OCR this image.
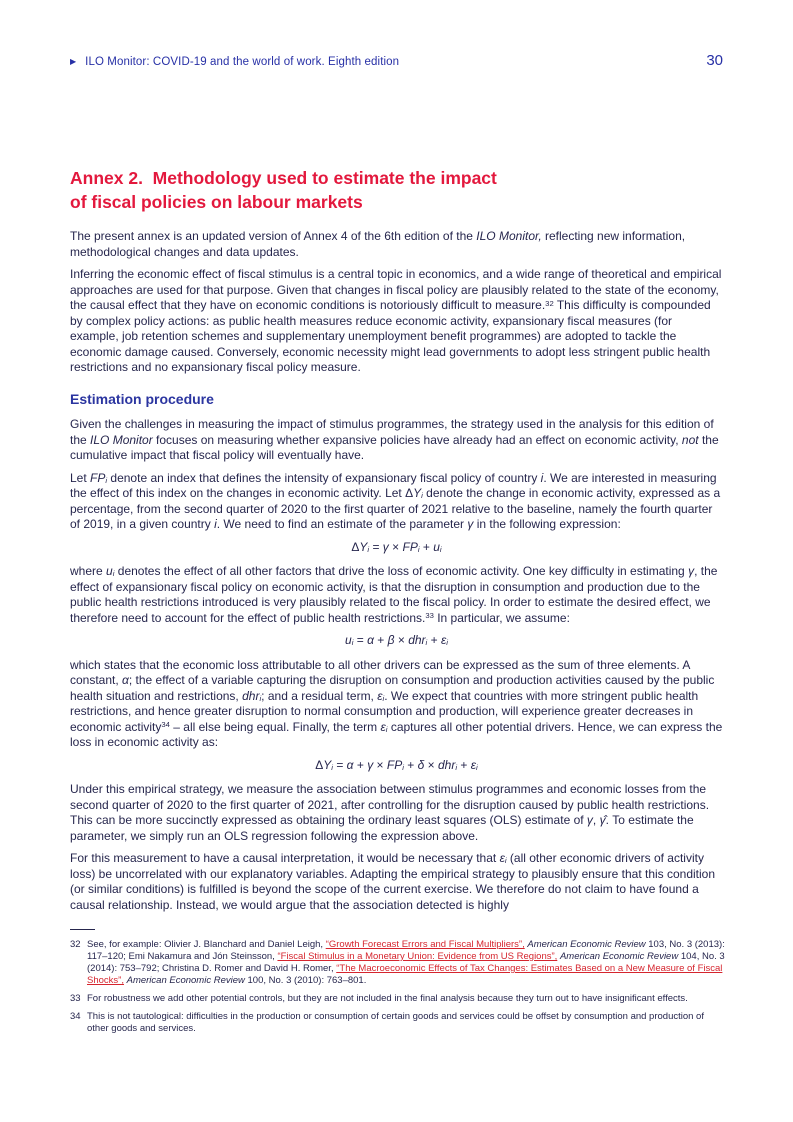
▶ ILO Monitor: COVID-19 and the world of work. Eighth edition	30
Annex 2.  Methodology used to estimate the impact
of fiscal policies on labour markets

The present annex is an updated version of Annex 4 of the 6th edition of the ILO Monitor, reflecting new information, methodological changes and data updates.

Inferring the economic effect of fiscal stimulus is a central topic in economics, and a wide range of theoretical and empirical approaches are used for that purpose. Given that changes in fiscal policy are plausibly related to the state of the economy, the causal effect that they have on economic conditions is notoriously difficult to measure.$^{32}$ This difficulty is compounded by complex policy actions: as public health measures reduce economic activity, expansionary fiscal measures (for example, job retention schemes and supplementary unemployment benefit programmes) are adopted to tackle the economic damage caused. Conversely, economic necessity might lead governments to adopt less stringent public health restrictions and no expansionary fiscal policy measure.

Estimation procedure

Given the challenges in measuring the impact of stimulus programmes, the strategy used in the analysis for this edition of the ILO Monitor focuses on measuring whether expansive policies have already had an effect on economic activity, not the cumulative impact that fiscal policy will eventually have.

Let $FP_i$ denote an index that defines the intensity of expansionary fiscal policy of country i. We are interested in measuring the effect of this index on the changes in economic activity. Let $\Delta Y_i$ denote the change in economic activity, expressed as a percentage, from the second quarter of 2020 to the first quarter of 2021 relative to the baseline, namely the fourth quarter of 2019, in a given country i. We need to find an estimate of the parameter γ in the following expression:

$\Delta Y_i = \gamma \times FP_i + u_i$

where $u_i$ denotes the effect of all other factors that drive the loss of economic activity. One key difficulty in estimating γ, the effect of expansionary fiscal policy on economic activity, is that the disruption in consumption and production due to the public health restrictions introduced is very plausibly related to the fiscal policy. In order to estimate the desired effect, we therefore need to account for the effect of public health restrictions.$^{33}$ In particular, we assume:

$u_i = \alpha + \beta \times dhr_i + \varepsilon_i$

which states that the economic loss attributable to all other drivers can be expressed as the sum of three elements. A constant, α; the effect of a variable capturing the disruption on consumption and production activities caused by the public health situation and restrictions, dhr$_i$; and a residual term, $\varepsilon_i$. We expect that countries with more stringent public health restrictions, and hence greater disruption to normal consumption and production, will experience greater decreases in economic activity$^{34}$ – all else being equal. Finally, the term $\varepsilon_i$ captures all other potential drivers. Hence, we can express the loss in economic activity as:

$\Delta Y_i = \alpha + \gamma \times FP_i + \delta \times dhr_i + \varepsilon_i$

Under this empirical strategy, we measure the association between stimulus programmes and economic losses from the second quarter of 2020 to the first quarter of 2021, after controlling for the disruption caused by public health restrictions. This can be more succinctly expressed as obtaining the ordinary least squares (OLS) estimate of γ, γ̂. To estimate the parameter, we simply run an OLS regression following the expression above.

For this measurement to have a causal interpretation, it would be necessary that $\varepsilon_i$ (all other economic drivers of activity loss) be uncorrelated with our explanatory variables. Adapting the empirical strategy to plausibly ensure that this condition (or similar conditions) is fulfilled is beyond the scope of the current exercise. We therefore do not claim to have found a causal relationship. Instead, we would argue that the association detected is highly

32 See, for example: Olivier J. Blanchard and Daniel Leigh, “Growth Forecast Errors and Fiscal Multipliers”, American Economic Review 103, No. 3 (2013): 117–120; Emi Nakamura and Jón Steinsson, “Fiscal Stimulus in a Monetary Union: Evidence from US Regions”, American Economic Review 104, No. 3 (2014): 753–792; Christina D. Romer and David H. Romer, “The Macroeconomic Effects of Tax Changes: Estimates Based on a New Measure of Fiscal Shocks”, American Economic Review 100, No. 3 (2010): 763–801.
33 For robustness we add other potential controls, but they are not included in the final analysis because they turn out to have insignificant effects.
34 This is not tautological: difficulties in the production or consumption of certain goods and services could be offset by consumption and production of other goods and services.
